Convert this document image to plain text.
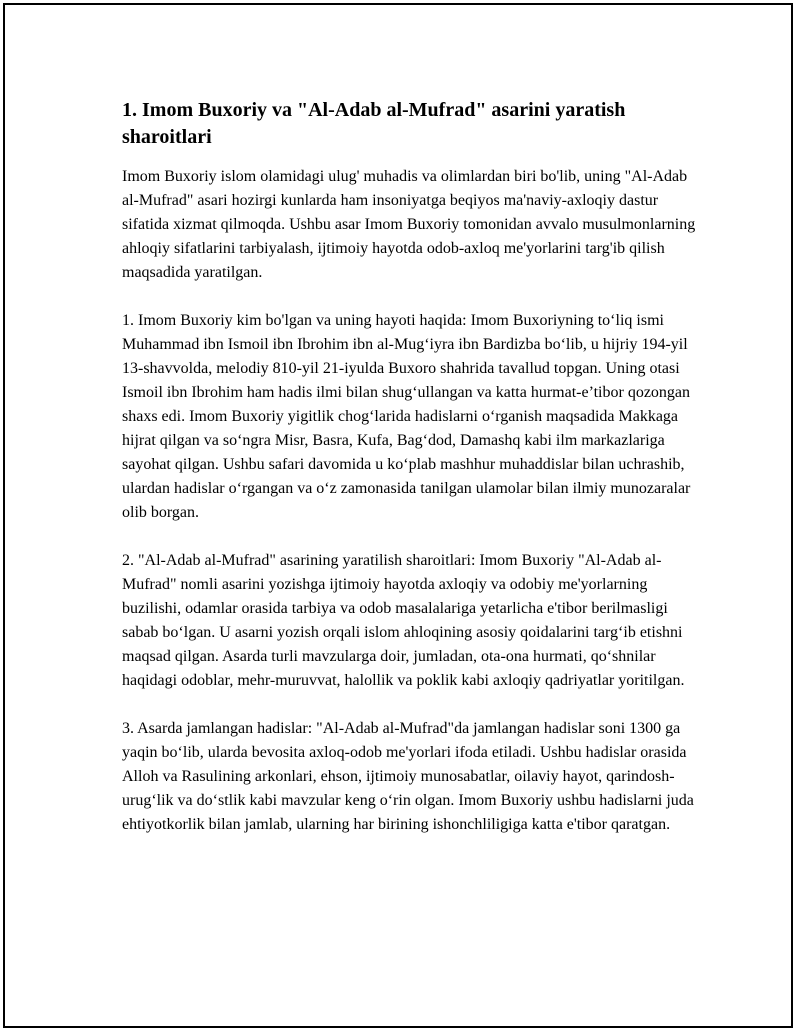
1. Imom Buxoriy va "Al-Adab al-Mufrad" asarini yaratish sharoitlari

Imom Buxoriy islom olamidagi ulug' muhadis va olimlardan biri bo'lib, uning "Al-Adab al-Mufrad" asari hozirgi kunlarda ham insoniyatga beqiyos ma'naviy-axloqiy dastur sifatida xizmat qilmoqda. Ushbu asar Imom Buxoriy tomonidan avvalo musulmonlarning ahloqiy sifatlarini tarbiyalash, ijtimoiy hayotda odob-axloq me'yorlarini targ'ib qilish maqsadida yaratilgan.

1. Imom Buxoriy kim bo'lgan va uning hayoti haqida: Imom Buxoriyning to‘liq ismi Muhammad ibn Ismoil ibn Ibrohim ibn al-Mug‘iyra ibn Bardizba bo‘lib, u hijriy 194-yil 13-shavvolda, melodiy 810-yil 21-iyulda Buxoro shahrida tavallud topgan. Uning otasi Ismoil ibn Ibrohim ham hadis ilmi bilan shug‘ullangan va katta hurmat-e’tibor qozongan shaxs edi. Imom Buxoriy yigitlik chog‘larida hadislarni o‘rganish maqsadida Makkaga hijrat qilgan va so‘ngra Misr, Basra, Kufa, Bag‘dod, Damashq kabi ilm markazlariga sayohat qilgan. Ushbu safari davomida u ko‘plab mashhur muhaddislar bilan uchrashib, ulardan hadislar o‘rgangan va o‘z zamonasida tanilgan ulamolar bilan ilmiy munozaralar olib borgan.

2. "Al-Adab al-Mufrad" asarining yaratilish sharoitlari: Imom Buxoriy "Al-Adab al-Mufrad" nomli asarini yozishga ijtimoiy hayotda axloqiy va odobiy me'yorlarning buzilishi, odamlar orasida tarbiya va odob masalalariga yetarlicha e'tibor berilmasligi sabab bo‘lgan. U asarni yozish orqali islom ahloqining asosiy qoidalarini targ‘ib etishni maqsad qilgan. Asarda turli mavzularga doir, jumladan, ota-ona hurmati, qo‘shnilar haqidagi odoblar, mehr-muruvvat, halollik va poklik kabi axloqiy qadriyatlar yoritilgan.

3. Asarda jamlangan hadislar: "Al-Adab al-Mufrad"da jamlangan hadislar soni 1300 ga yaqin bo‘lib, ularda bevosita axloq-odob me'yorlari ifoda etiladi. Ushbu hadislar orasida Alloh va Rasulining arkonlari, ehson, ijtimoiy munosabatlar, oilaviy hayot, qarindosh-urug‘lik va do‘stlik kabi mavzular keng o‘rin olgan. Imom Buxoriy ushbu hadislarni juda ehtiyotkorlik bilan jamlab, ularning har birining ishonchliligiga katta e'tibor qaratgan.
